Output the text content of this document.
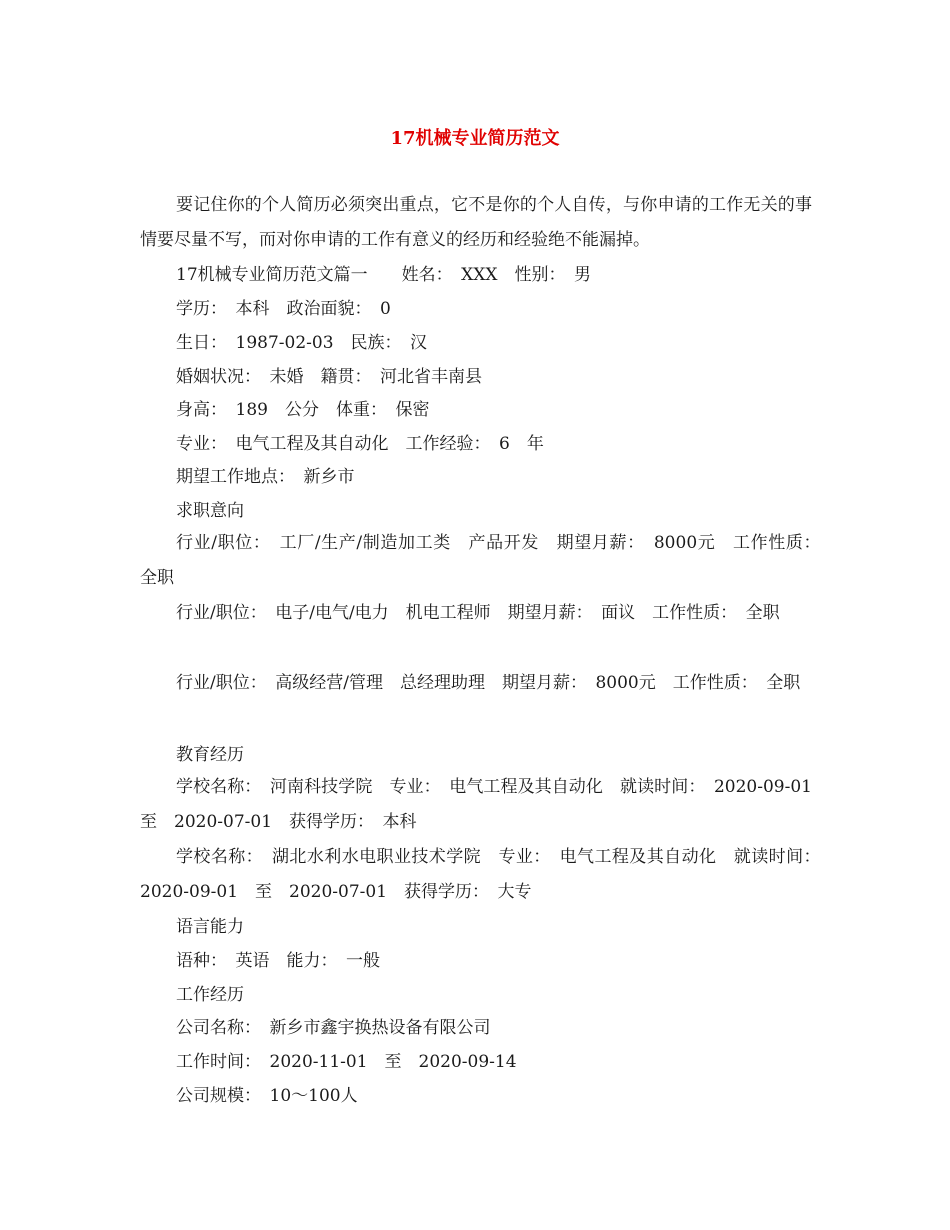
17机械专业简历范文
要记住你的个人简历必须突出重点，它不是你的个人自传，与你申请的工作无关的事情要尽量不写，而对你申请的工作有意义的经历和经验绝不能漏掉。
17机械专业简历范文篇一　　姓名：　XXX　性别：　男
学历：　本科　政治面貌：　0
生日：　1987-02-03　民族：　汉
婚姻状况：　未婚　籍贯：　河北省丰南县
身高：　189　公分　体重：　保密
专业：　电气工程及其自动化　工作经验：　6　年
期望工作地点：　新乡市
求职意向
行业/职位：　工厂/生产/制造加工类　产品开发　期望月薪：　8000元　工作性质：　全职
行业/职位：　电子/电气/电力　机电工程师　期望月薪：　面议　工作性质：　全职
行业/职位：　高级经营/管理　总经理助理　期望月薪：　8000元　工作性质：　全职
教育经历
学校名称：　河南科技学院　专业：　电气工程及其自动化　就读时间：　2020-09-01　至　2020-07-01　获得学历：　本科
学校名称：　湖北水利水电职业技术学院　专业：　电气工程及其自动化　就读时间：　2020-09-01　至　2020-07-01　获得学历：　大专
语言能力
语种：　英语　能力：　一般
工作经历
公司名称：　新乡市鑫宇换热设备有限公司
工作时间：　2020-11-01　至　2020-09-14
公司规模：　10～100人
